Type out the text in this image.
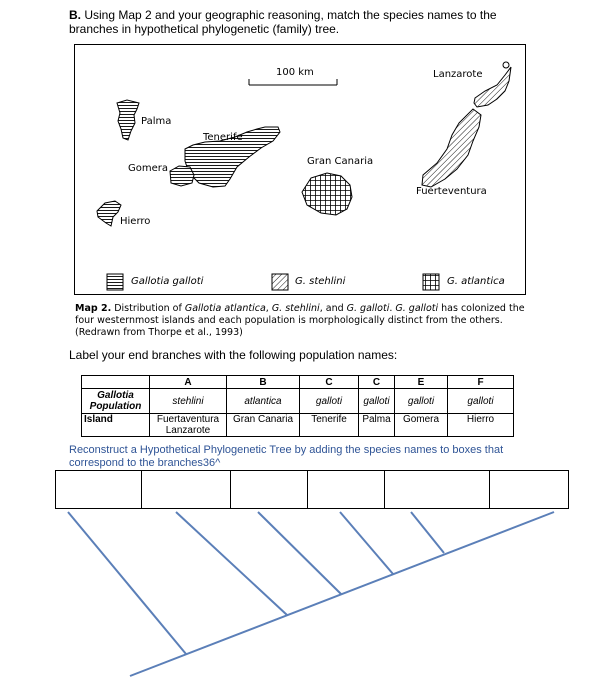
B. Using Map 2 and your geographic reasoning, match the species names to the branches in hypothetical phylogenetic (family) tree.
100 km	Lanzarote
Palma
Tenerife
Gran Canaria
Gomera
Fuerteventura
Hierro
Gallotia galloti	G. stehlini	G. atlantica
Map 2. Distribution of Gallotia atlantica, G. stehlini, and G. galloti. G. galloti has colonized the four westernmost islands and each population is morphologically distinct from the others. (Redrawn from Thorpe et al., 1993)
Label your end branches with the following population names:
	A	B	C	C	E	F
Gallotia Population	stehlini	atlantica	galloti	galloti	galloti	galloti
Island	Fuertaventura Lanzarote	Gran Canaria	Tenerife	Palma	Gomera	Hierro
Reconstruct a Hypothetical Phylogenetic Tree by adding the species names to boxes that correspond to the branches36^
